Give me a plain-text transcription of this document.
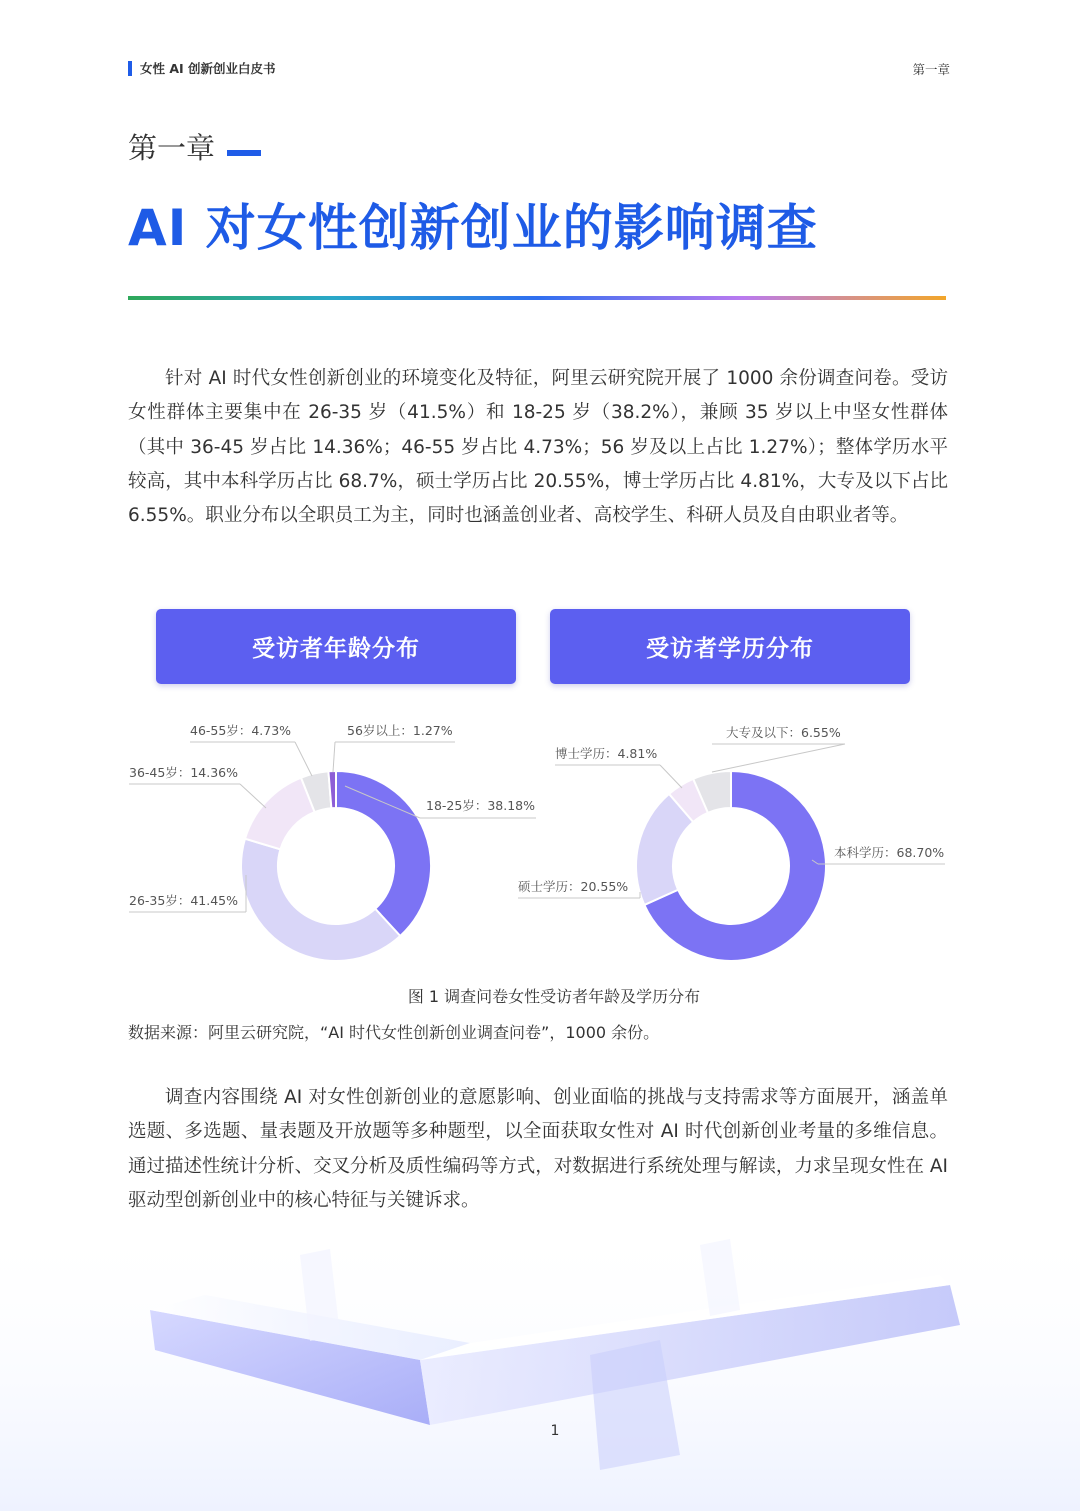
女性 AI 创新创业白皮书	第一章
第一章
AI 对女性创新创业的影响调查

针对 AI 时代女性创新创业的环境变化及特征，阿里云研究院开展了 1000 余份调查问卷。受访女性群体主要集中在 26-35 岁（41.5%）和 18-25 岁（38.2%），兼顾 35 岁以上中坚女性群体（其中 36-45 岁占比 14.36%；46-55 岁占比 4.73%；56 岁及以上占比 1.27%）；整体学历水平较高，其中本科学历占比 68.7%，硕士学历占比 20.55%，博士学历占比 4.81%，大专及以下占比 6.55%。职业分布以全职员工为主，同时也涵盖创业者、高校学生、科研人员及自由职业者等。

受访者年龄分布	受访者学历分布
18-25岁：38.18%
26-35岁：41.45%
36-45岁：14.36%
46-55岁：4.73%	56岁以上：1.27%
本科学历：68.70%
硕士学历：20.55%
博士学历：4.81%
大专及以下：6.55%
图 1 调查问卷女性受访者年龄及学历分布
数据来源：阿里云研究院，“AI 时代女性创新创业调查问卷”，1000 余份。

调查内容围绕 AI 对女性创新创业的意愿影响、创业面临的挑战与支持需求等方面展开，涵盖单选题、多选题、量表题及开放题等多种题型，以全面获取女性对 AI 时代创新创业考量的多维信息。通过描述性统计分析、交叉分析及质性编码等方式，对数据进行系统处理与解读，力求呈现女性在 AI 驱动型创新创业中的核心特征与关键诉求。

1
